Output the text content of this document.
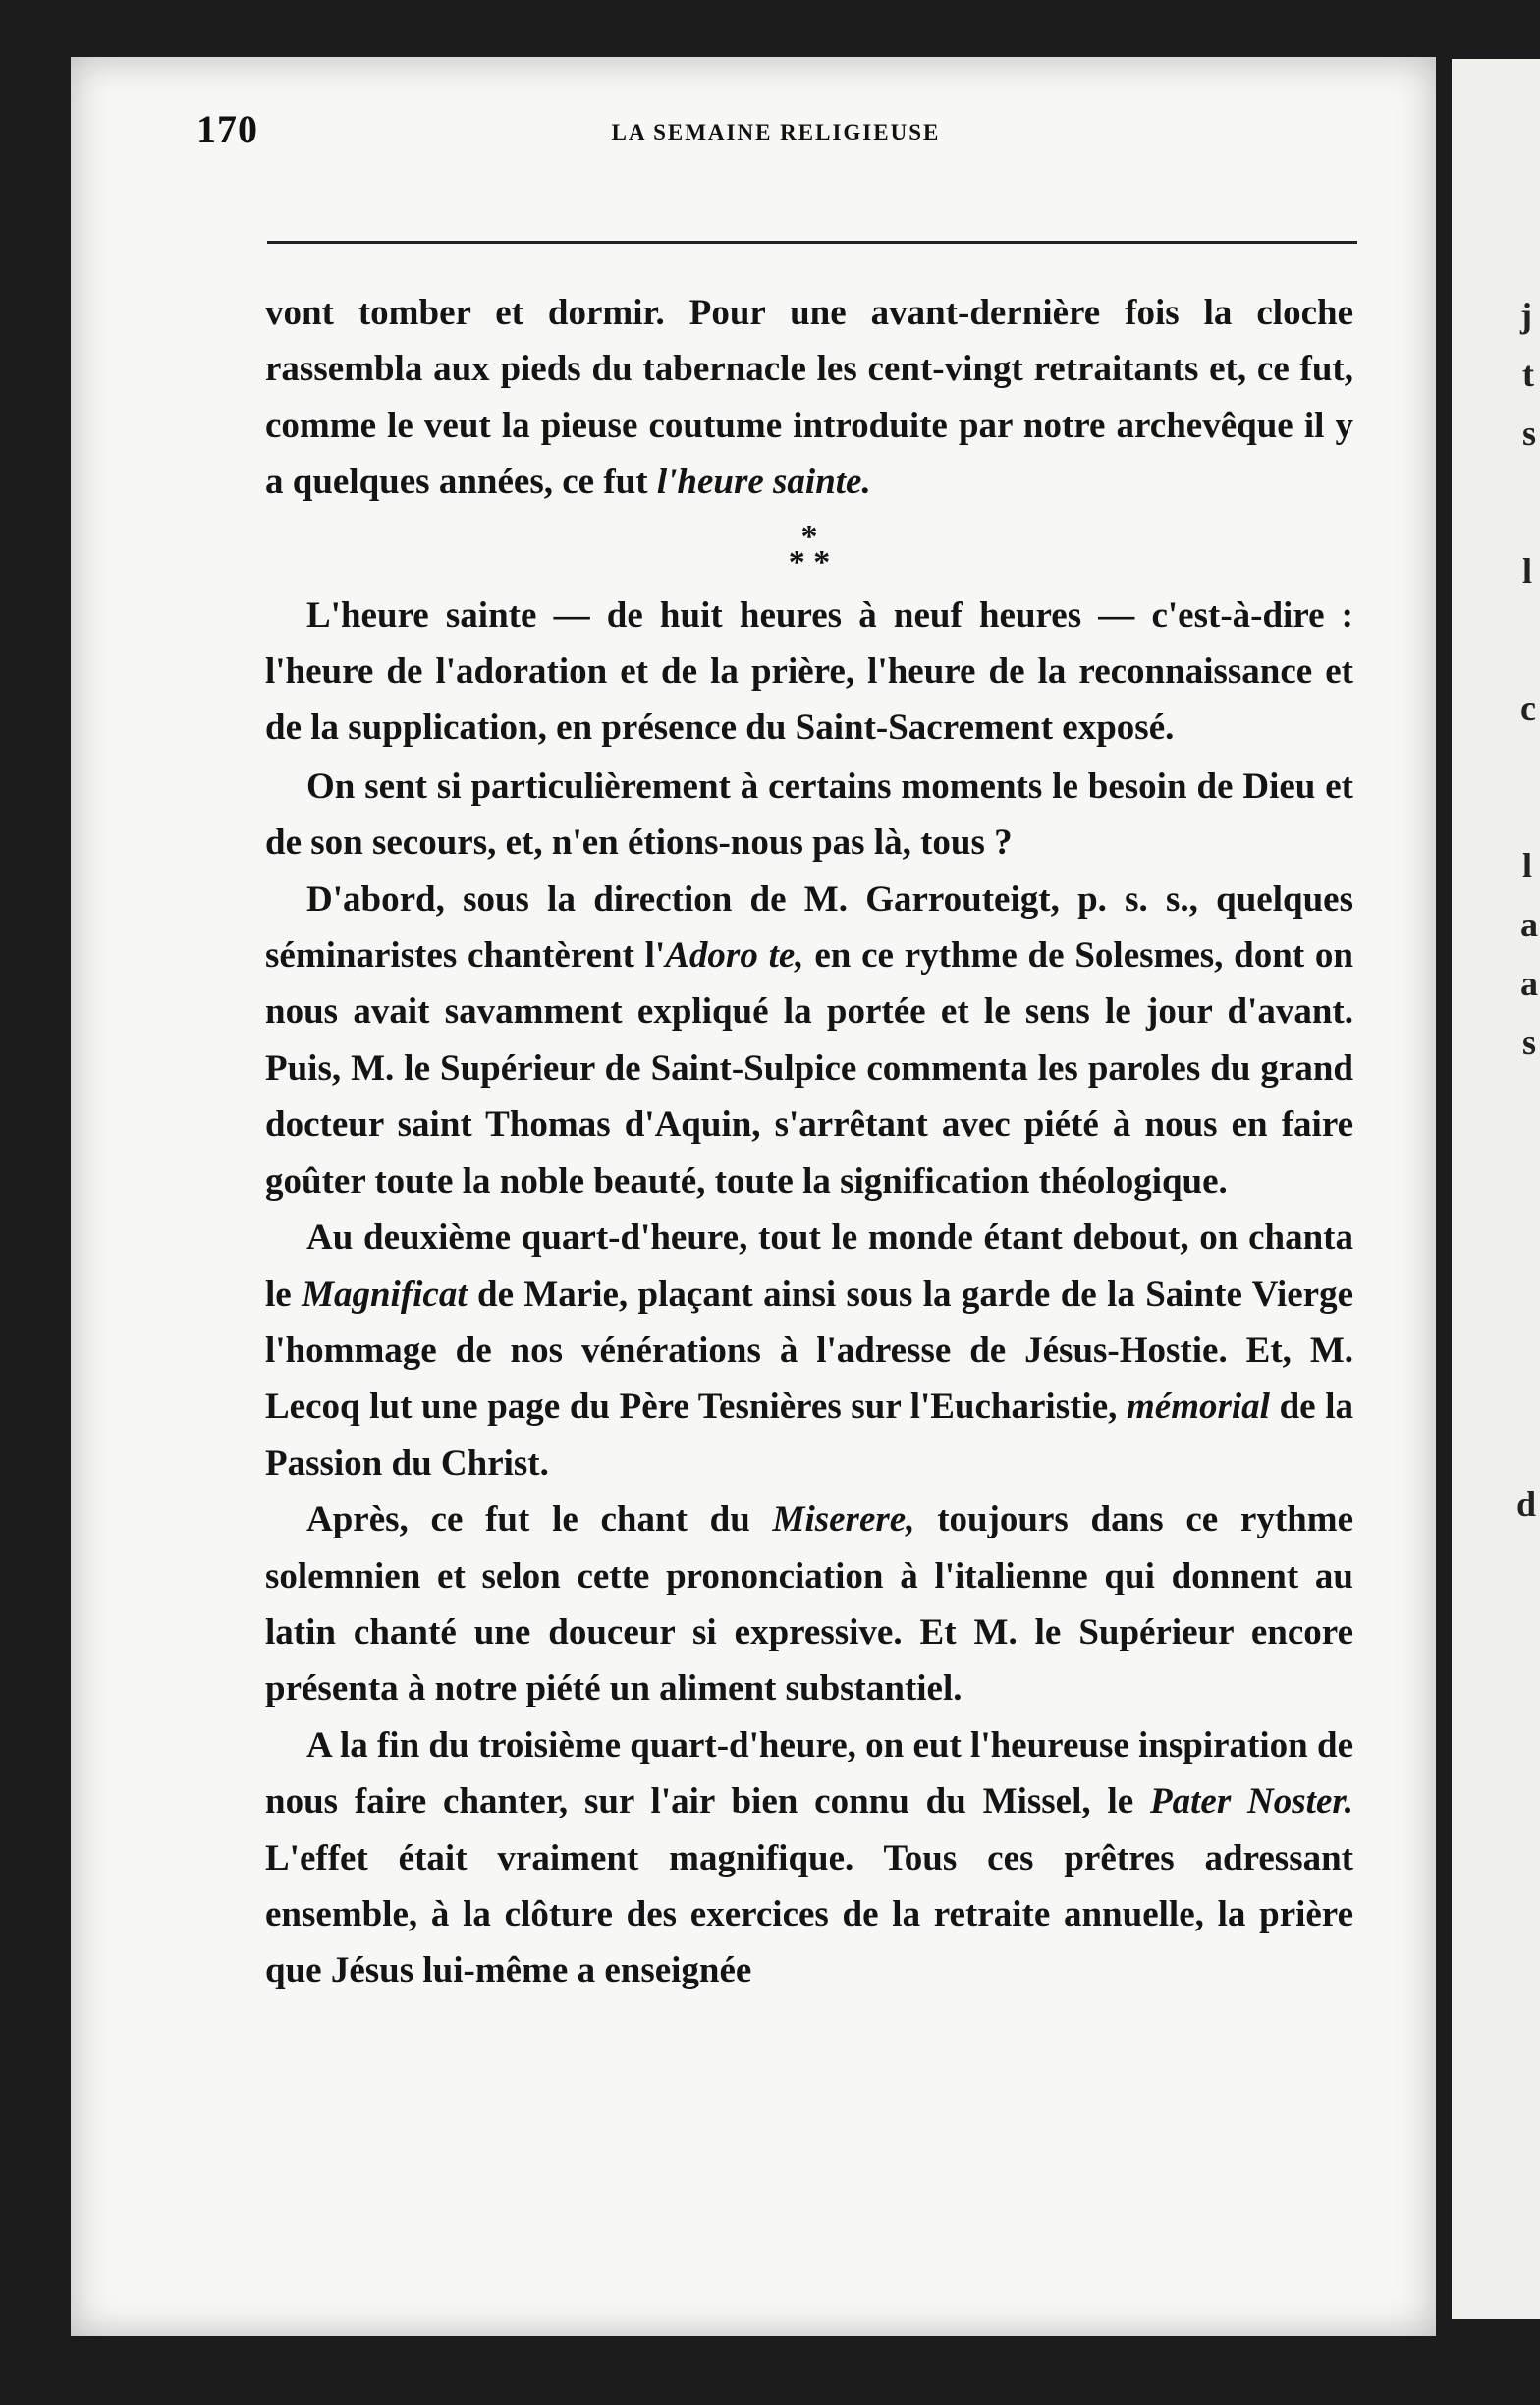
j
t
s
l
c
l
a
a
s
d
170	LA SEMAINE RELIGIEUSE

vont tomber et dormir. Pour une avant-dernière fois la cloche rassembla aux pieds du tabernacle les cent-vingt retraitants et, ce fut, comme le veut la pieuse coutume introduite par notre archevêque il y a quelques années, ce fut l'heure sainte.

*
* *

L'heure sainte — de huit heures à neuf heures — c'est-à-dire : l'heure de l'adoration et de la prière, l'heure de la reconnaissance et de la supplication, en présence du Saint-Sacrement exposé.

On sent si particulièrement à certains moments le besoin de Dieu et de son secours, et, n'en étions-nous pas là, tous ?

D'abord, sous la direction de M. Garrouteigt, p. s. s., quelques séminaristes chantèrent l'Adoro te, en ce rythme de Solesmes, dont on nous avait savamment expliqué la portée et le sens le jour d'avant. Puis, M. le Supérieur de Saint-Sulpice commenta les paroles du grand docteur saint Thomas d'Aquin, s'arrêtant avec piété à nous en faire goûter toute la noble beauté, toute la signification théologique.

Au deuxième quart-d'heure, tout le monde étant debout, on chanta le Magnificat de Marie, plaçant ainsi sous la garde de la Sainte Vierge l'hommage de nos vénérations à l'adresse de Jésus-Hostie. Et, M. Lecoq lut une page du Père Tesnières sur l'Eucharistie, mémorial de la Passion du Christ.

Après, ce fut le chant du Miserere, toujours dans ce rythme solemnien et selon cette prononciation à l'italienne qui donnent au latin chanté une douceur si expressive. Et M. le Supérieur encore présenta à notre piété un aliment substantiel.

A la fin du troisième quart-d'heure, on eut l'heureuse inspiration de nous faire chanter, sur l'air bien connu du Missel, le Pater Noster. L'effet était vraiment magnifique. Tous ces prêtres adressant ensemble, à la clôture des exercices de la retraite annuelle, la prière que Jésus lui-même a enseignée
